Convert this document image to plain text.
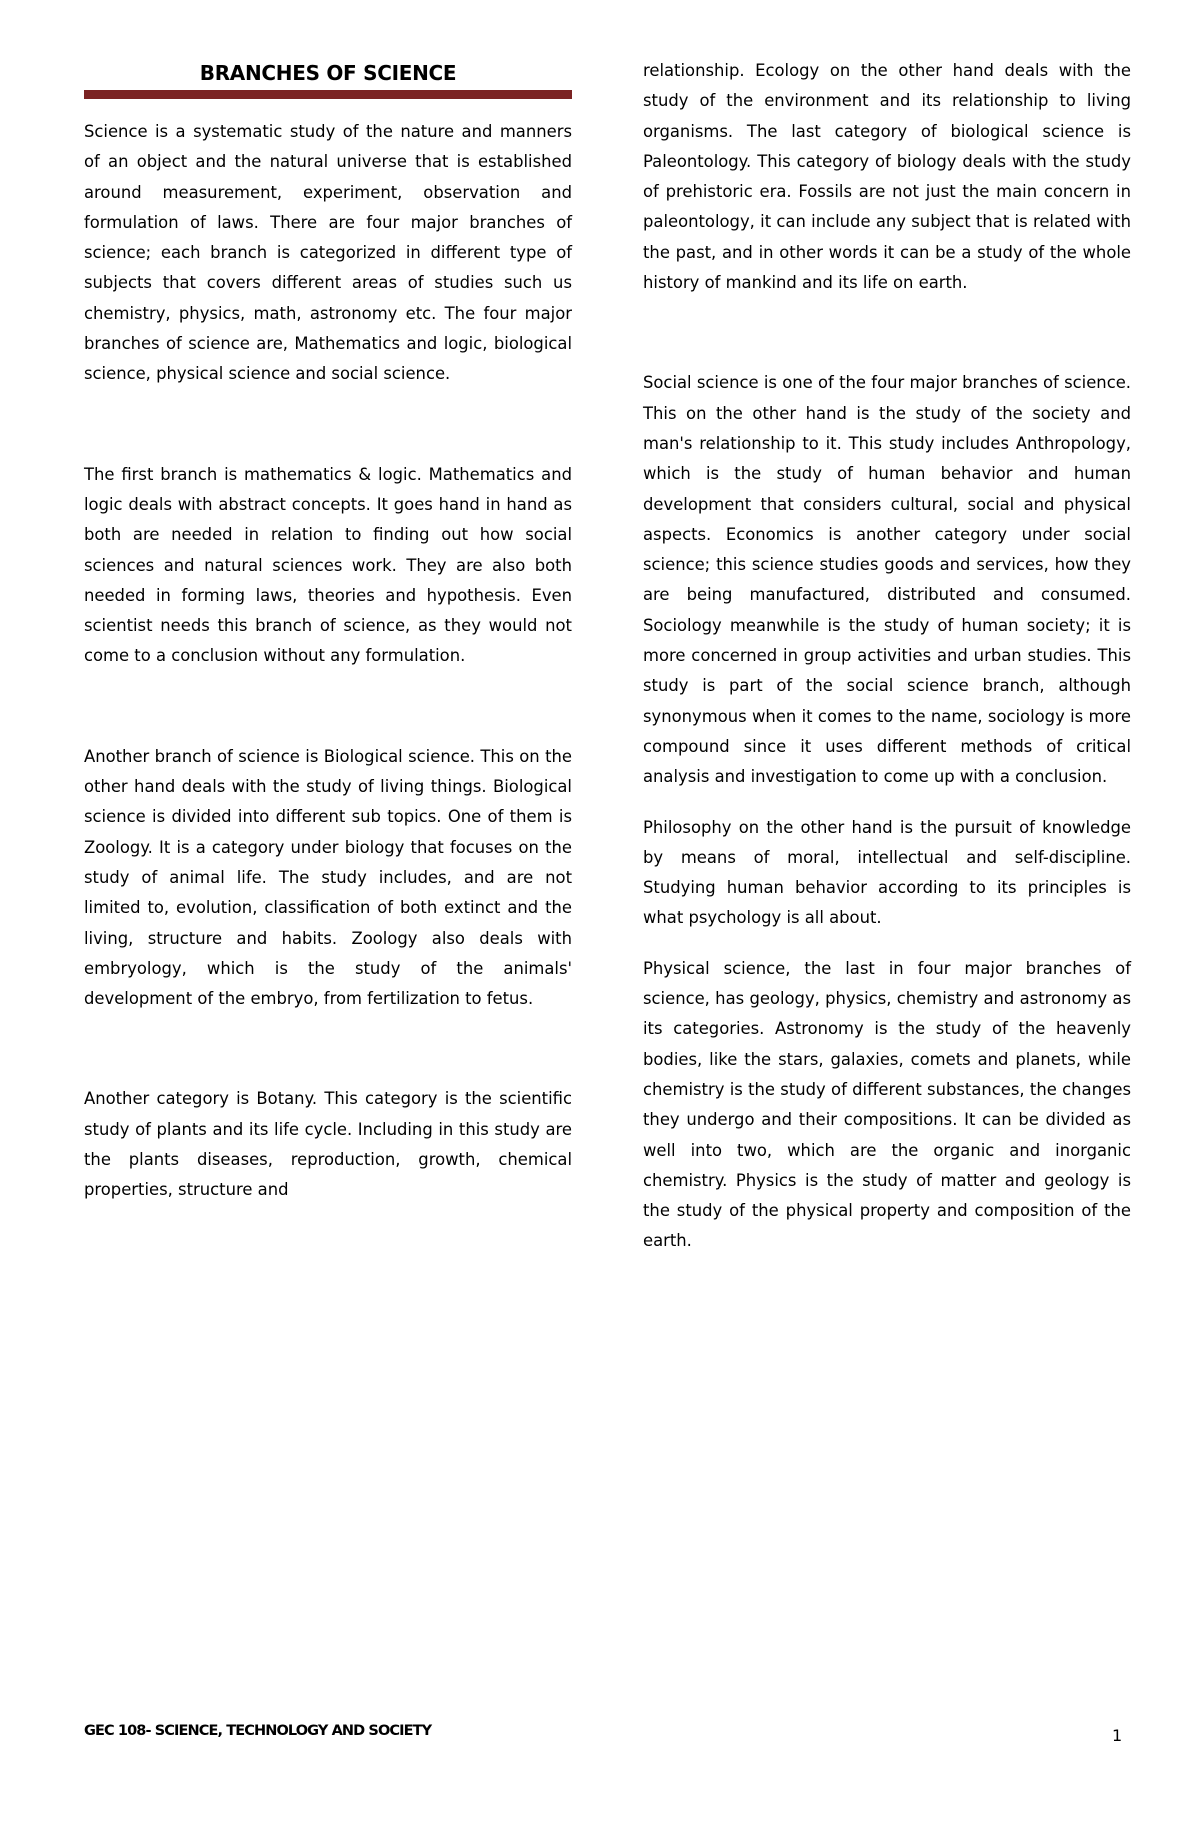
BRANCHES OF SCIENCE

Science is a systematic study of the nature and manners of an object and the natural universe that is established around measurement, experiment, observation and formulation of laws. There are four major branches of science; each branch is categorized in different type of subjects that covers different areas of studies such us chemistry, physics, math, astronomy etc. The four major branches of science are, Mathematics and logic, biological science, physical science and social science.

The first branch is mathematics & logic. Mathematics and logic deals with abstract concepts. It goes hand in hand as both are needed in relation to finding out how social sciences and natural sciences work. They are also both needed in forming laws, theories and hypothesis. Even scientist needs this branch of science, as they would not come to a conclusion without any formulation.

Another branch of science is Biological science. This on the other hand deals with the study of living things. Biological science is divided into different sub topics. One of them is Zoology. It is a category under biology that focuses on the study of animal life. The study includes, and are not limited to, evolution, classification of both extinct and the living, structure and habits. Zoology also deals with embryology, which is the study of the animals' development of the embryo, from fertilization to fetus.

Another category is Botany. This category is the scientific study of plants and its life cycle. Including in this study are the plants diseases, reproduction, growth, chemical properties, structure and

relationship. Ecology on the other hand deals with the study of the environment and its relationship to living organisms. The last category of biological science is Paleontology. This category of biology deals with the study of prehistoric era. Fossils are not just the main concern in paleontology, it can include any subject that is related with the past, and in other words it can be a study of the whole history of mankind and its life on earth.

Social science is one of the four major branches of science. This on the other hand is the study of the society and man's relationship to it. This study includes Anthropology, which is the study of human behavior and human development that considers cultural, social and physical aspects. Economics is another category under social science; this science studies goods and services, how they are being manufactured, distributed and consumed. Sociology meanwhile is the study of human society; it is more concerned in group activities and urban studies. This study is part of the social science branch, although synonymous when it comes to the name, sociology is more compound since it uses different methods of critical analysis and investigation to come up with a conclusion.

Philosophy on the other hand is the pursuit of knowledge by means of moral, intellectual and self-discipline. Studying human behavior according to its principles is what psychology is all about.

Physical science, the last in four major branches of science, has geology, physics, chemistry and astronomy as its categories. Astronomy is the study of the heavenly bodies, like the stars, galaxies, comets and planets, while chemistry is the study of different substances, the changes they undergo and their compositions. It can be divided as well into two, which are the organic and inorganic chemistry. Physics is the study of matter and geology is the study of the physical property and composition of the earth.

GEC 108- SCIENCE, TECHNOLOGY AND SOCIETY	1
